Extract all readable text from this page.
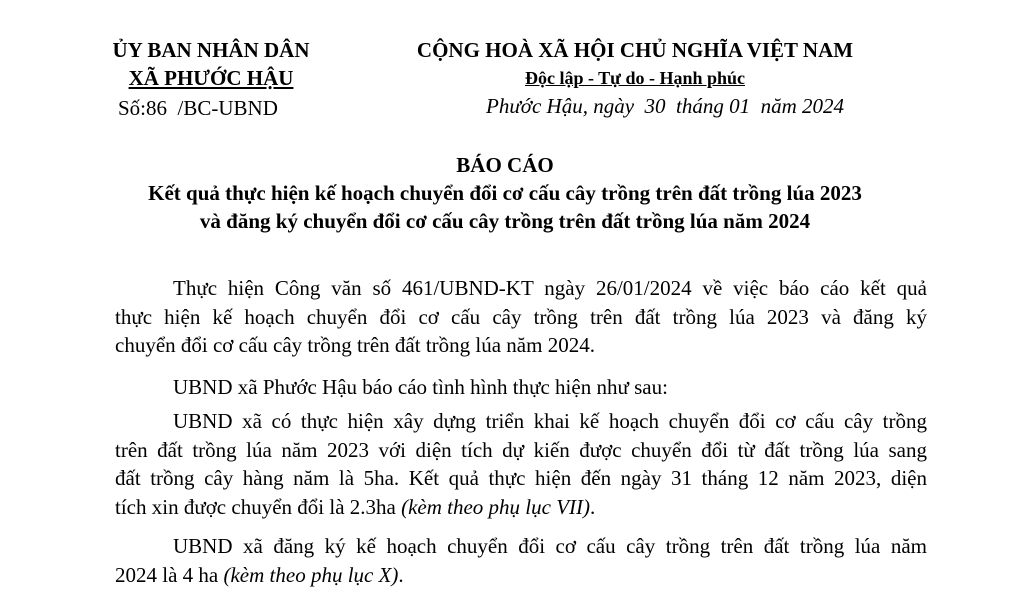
ỦY BAN NHÂN DÂN
XÃ PHƯỚC HẬU
Số:86 /BC-UBND
CỘNG HOÀ XÃ HỘI CHỦ NGHĨA VIỆT NAM
Độc lập - Tự do - Hạnh phúc
Phước Hậu, ngày  30  tháng 01  năm 2024
BÁO CÁO
Kết quả thực hiện kế hoạch chuyển đổi cơ cấu cây trồng trên đất trồng lúa 2023
và đăng ký chuyển đổi cơ cấu cây trồng trên đất trồng lúa năm 2024
Thực hiện Công văn số 461/UBND-KT ngày 26/01/2024 về việc báo cáo kết quả
thực hiện kế hoạch chuyển đổi cơ cấu cây trồng trên đất trồng lúa 2023 và đăng ký
chuyển đổi cơ cấu cây trồng trên đất trồng lúa năm 2024.
UBND xã Phước Hậu báo cáo tình hình thực hiện như sau:
UBND xã có thực hiện xây dựng triển khai kế hoạch chuyển đổi cơ cấu cây trồng
trên đất trồng lúa năm 2023 với diện tích dự kiến được chuyển đổi từ đất trồng lúa sang
đất trồng cây hàng năm là 5ha. Kết quả thực hiện đến ngày 31 tháng 12 năm 2023, diện
tích xin được chuyển đổi là 2.3ha (kèm theo phụ lục VII).
UBND xã đăng ký kế hoạch chuyển đổi cơ cấu cây trồng trên đất trồng lúa năm
2024 là 4 ha (kèm theo phụ lục X).
